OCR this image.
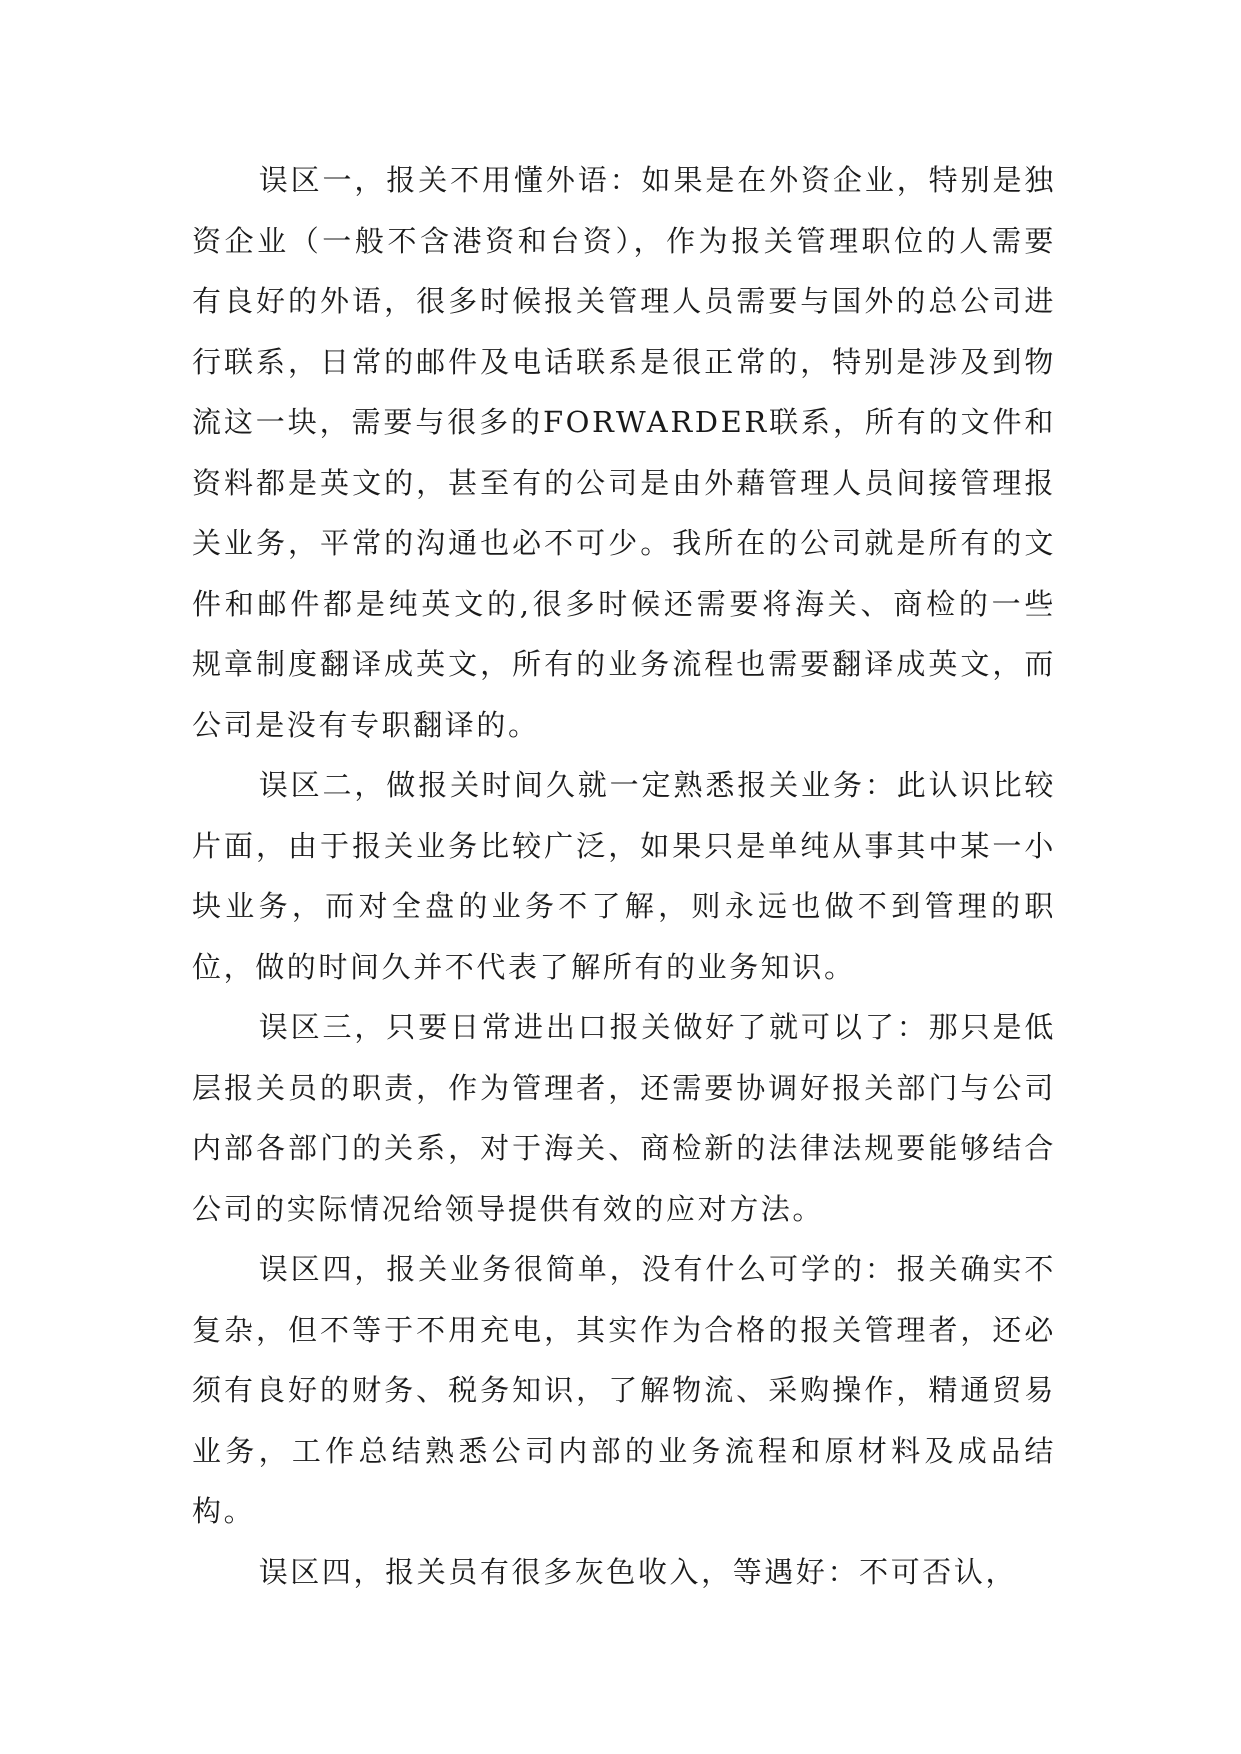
误区一，报关不用懂外语：如果是在外资企业，特别是独资企业（一般不含港资和台资），作为报关管理职位的人需要有良好的外语，很多时候报关管理人员需要与国外的总公司进行联系，日常的邮件及电话联系是很正常的，特别是涉及到物流这一块，需要与很多的FORWARDER联系，所有的文件和资料都是英文的，甚至有的公司是由外藉管理人员间接管理报关业务，平常的沟通也必不可少。我所在的公司就是所有的文件和邮件都是纯英文的,很多时候还需要将海关、商检的一些规章制度翻译成英文，所有的业务流程也需要翻译成英文，而公司是没有专职翻译的。

误区二，做报关时间久就一定熟悉报关业务：此认识比较片面，由于报关业务比较广泛，如果只是单纯从事其中某一小块业务，而对全盘的业务不了解，则永远也做不到管理的职位，做的时间久并不代表了解所有的业务知识。

误区三，只要日常进出口报关做好了就可以了：那只是低层报关员的职责，作为管理者，还需要协调好报关部门与公司内部各部门的关系，对于海关、商检新的法律法规要能够结合公司的实际情况给领导提供有效的应对方法。

误区四，报关业务很简单，没有什么可学的：报关确实不复杂，但不等于不用充电，其实作为合格的报关管理者，还必须有良好的财务、税务知识，了解物流、采购操作，精通贸易业务，工作总结熟悉公司内部的业务流程和原材料及成品结构。

误区四，报关员有很多灰色收入，等遇好：不可否认，
